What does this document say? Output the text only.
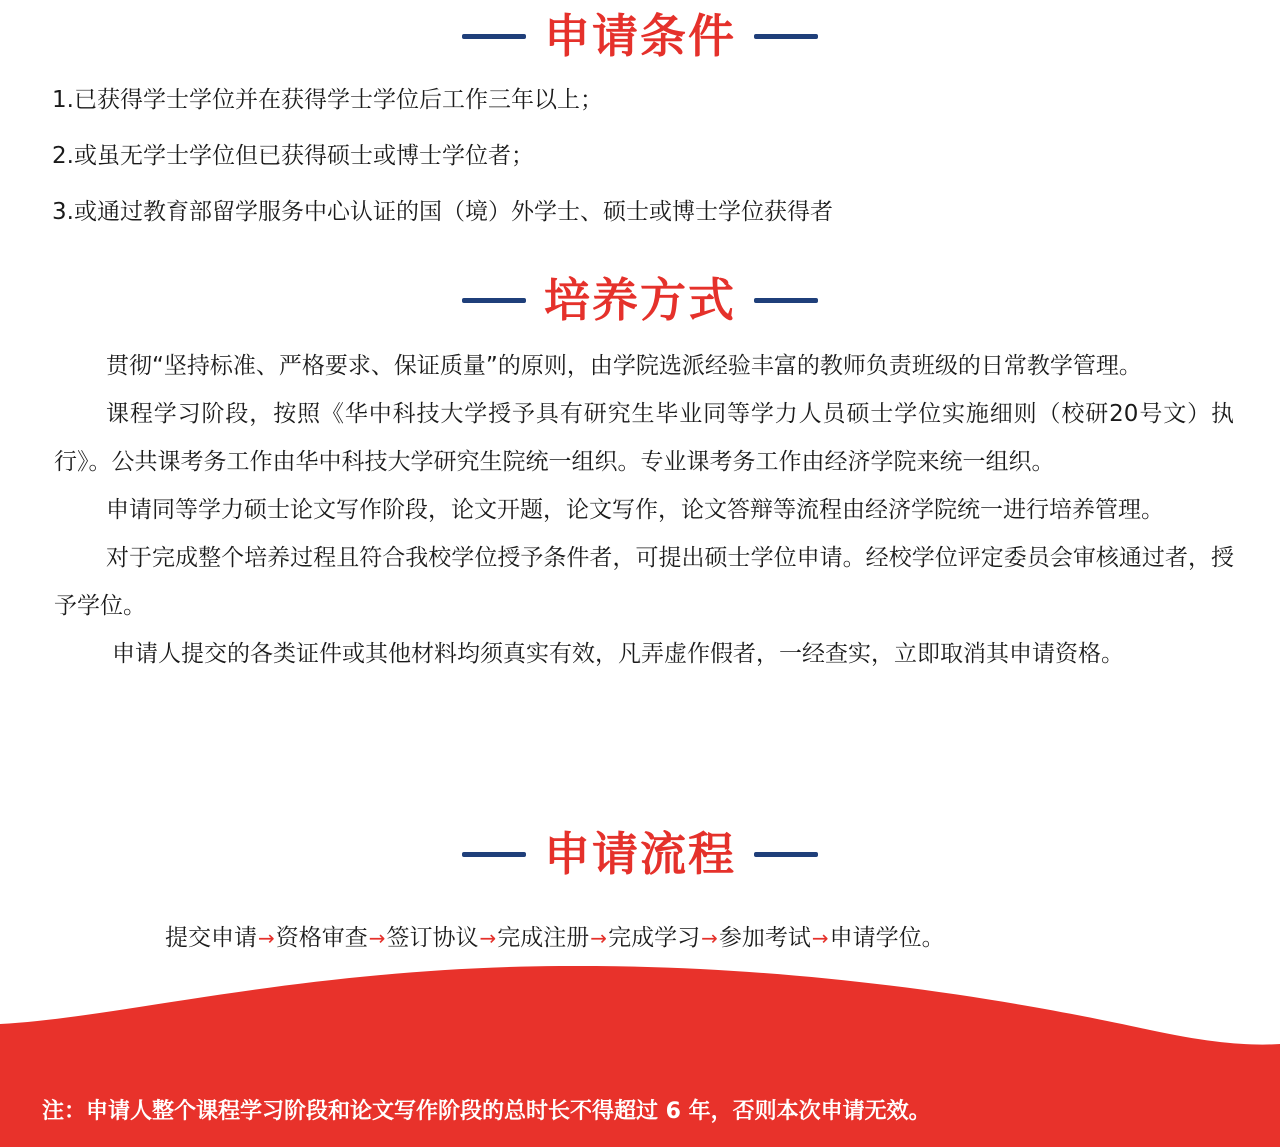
申请条件
1.已获得学士学位并在获得学士学位后工作三年以上；
2.或虽无学士学位但已获得硕士或博士学位者；
3.或通过教育部留学服务中心认证的国（境）外学士、硕士或博士学位获得者
培养方式

贯彻“坚持标准、严格要求、保证质量”的原则，由学院选派经验丰富的教师负责班级的日常教学管理。

课程学习阶段，按照《华中科技大学授予具有研究生毕业同等学力人员硕士学位实施细则（校研20号文）执行》。公共课考务工作由华中科技大学研究生院统一组织。专业课考务工作由经济学院来统一组织。

申请同等学力硕士论文写作阶段，论文开题，论文写作，论文答辩等流程由经济学院统一进行培养管理。

对于完成整个培养过程且符合我校学位授予条件者，可提出硕士学位申请。经校学位评定委员会审核通过者，授予学位。

申请人提交的各类证件或其他材料均须真实有效，凡弄虚作假者，一经查实，立即取消其申请资格。

申请流程
提交申请 → 资格审查 → 签订协议 → 完成注册 → 完成学习 → 参加考试 → 申请学位。
注：申请人整个课程学习阶段和论文写作阶段的总时长不得超过 6 年，否则本次申请无效。
